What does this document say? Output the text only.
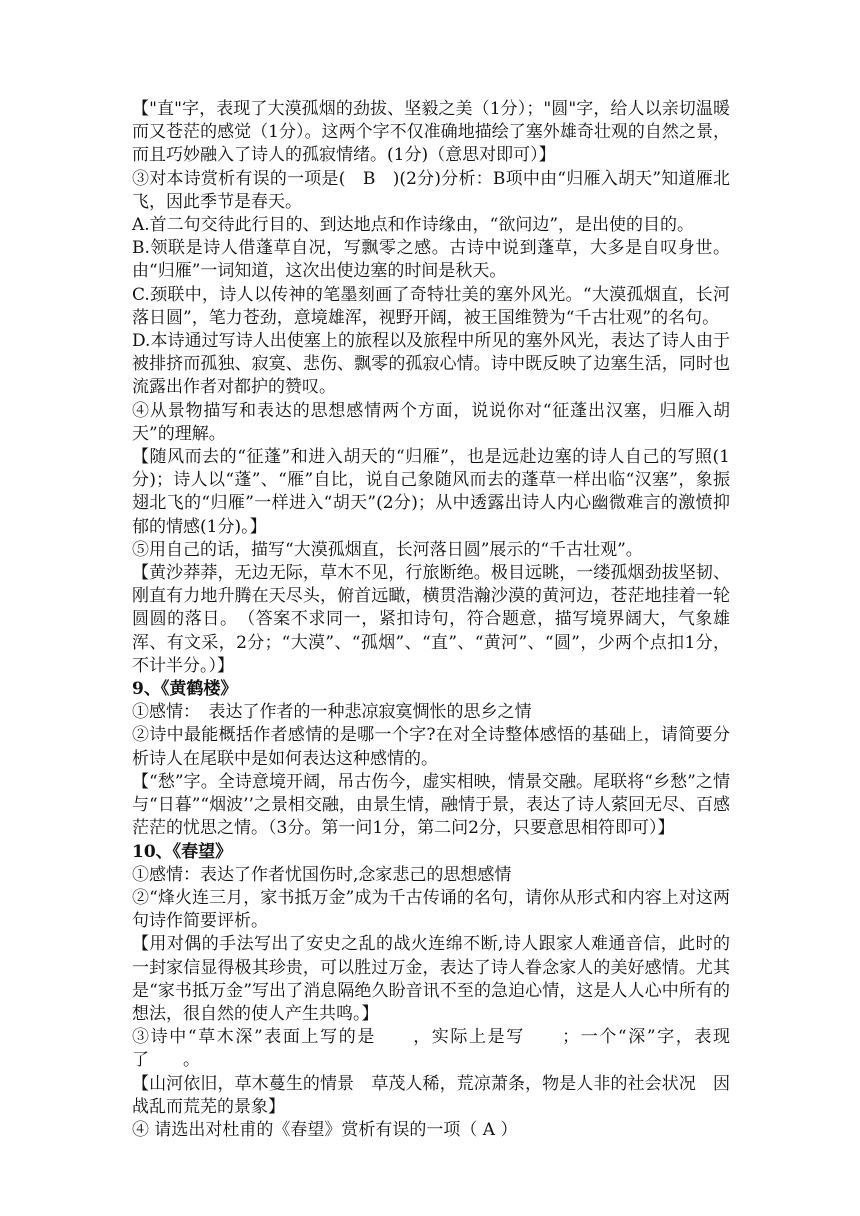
【"直"字，表现了大漠孤烟的劲拔、坚毅之美（1分）；"圆"字，给人以亲切温暖而又苍茫的感觉（1分）。这两个字不仅准确地描绘了塞外雄奇壮观的自然之景，而且巧妙融入了诗人的孤寂情绪。(1分)（意思对即可）】

③对本诗赏析有误的一项是(　B　)(2分)分析：B项中由“归雁入胡天”知道雁北飞，因此季节是春天。

A.首二句交待此行目的、到达地点和作诗缘由，“欲问边”，是出使的目的。

B.领联是诗人借蓬草自况，写飘零之感。古诗中说到蓬草，大多是自叹身世。由“归雁”一词知道，这次出使边塞的时间是秋天。

C.颈联中，诗人以传神的笔墨刻画了奇特壮美的塞外风光。“大漠孤烟直，长河落日圆”，笔力苍劲，意境雄浑，视野开阔，被王国维赞为“千古壮观”的名句。

D.本诗通过写诗人出使塞上的旅程以及旅程中所见的塞外风光，表达了诗人由于被排挤而孤独、寂寞、悲伤、飘零的孤寂心情。诗中既反映了边塞生活，同时也流露出作者对都护的赞叹。

④从景物描写和表达的思想感情两个方面，说说你对“征蓬出汉塞，归雁入胡天”的理解。

【随风而去的“征蓬”和进入胡天的“归雁”，也是远赴边塞的诗人自己的写照(1分)；诗人以“蓬”、“雁”自比，说自己象随风而去的蓬草一样出临“汉塞”，象振翅北飞的“归雁”一样进入“胡天”(2分)；从中透露出诗人内心幽微难言的激愤抑郁的情感(1分)。】

⑤用自己的话，描写“大漠孤烟直，长河落日圆”展示的“千古壮观”。

【黄沙莽莽，无边无际，草木不见，行旅断绝。极目远眺，一缕孤烟劲拔坚韧、刚直有力地升腾在天尽头，俯首远瞰，横贯浩瀚沙漠的黄河边，苍茫地挂着一轮圆圆的落日。　（答案不求同一，紧扣诗句，符合题意，描写境界阔大，气象雄浑、有文采，2分；“大漠”、“孤烟”、“直”、“黄河”、“圆”，少两个点扣1分，不计半分。）】

9、《黄鹤楼》

①感情：　表达了作者的一种悲凉寂寞惆怅的思乡之情

②诗中最能概括作者感情的是哪一个字?在对全诗整体感悟的基础上，请简要分析诗人在尾联中是如何表达这种感情的。

【“愁”字。全诗意境开阔，吊古伤今，虚实相映，情景交融。尾联将“乡愁”之情与“日暮”“烟波’’之景相交融，由景生情，融情于景，表达了诗人萦回无尽、百感茫茫的忧思之情。（3分。第一问1分，第二问2分，只要意思相符即可）】

10、《春望》

①感情：表达了作者忧国伤时,念家悲己的思想感情

②“烽火连三月，家书抵万金”成为千古传诵的名句，请你从形式和内容上对这两句诗作简要评析。

【用对偶的手法写出了安史之乱的战火连绵不断,诗人跟家人难通音信，此时的一封家信显得极其珍贵，可以胜过万金，表达了诗人眷念家人的美好感情。尤其是“家书抵万金”写出了消息隔绝久盼音讯不至的急迫心情，这是人人心中所有的想法，很自然的使人产生共鸣。】

③诗中“草木深”表面上写的是　　，实际上是写　　；一个“深”字，表现了　　。

【山河依旧，草木蔓生的情景　草茂人稀，荒凉萧条，物是人非的社会状况　因战乱而荒芜的景象】

④ 请选出对杜甫的《春望》赏析有误的一项（ A ）
